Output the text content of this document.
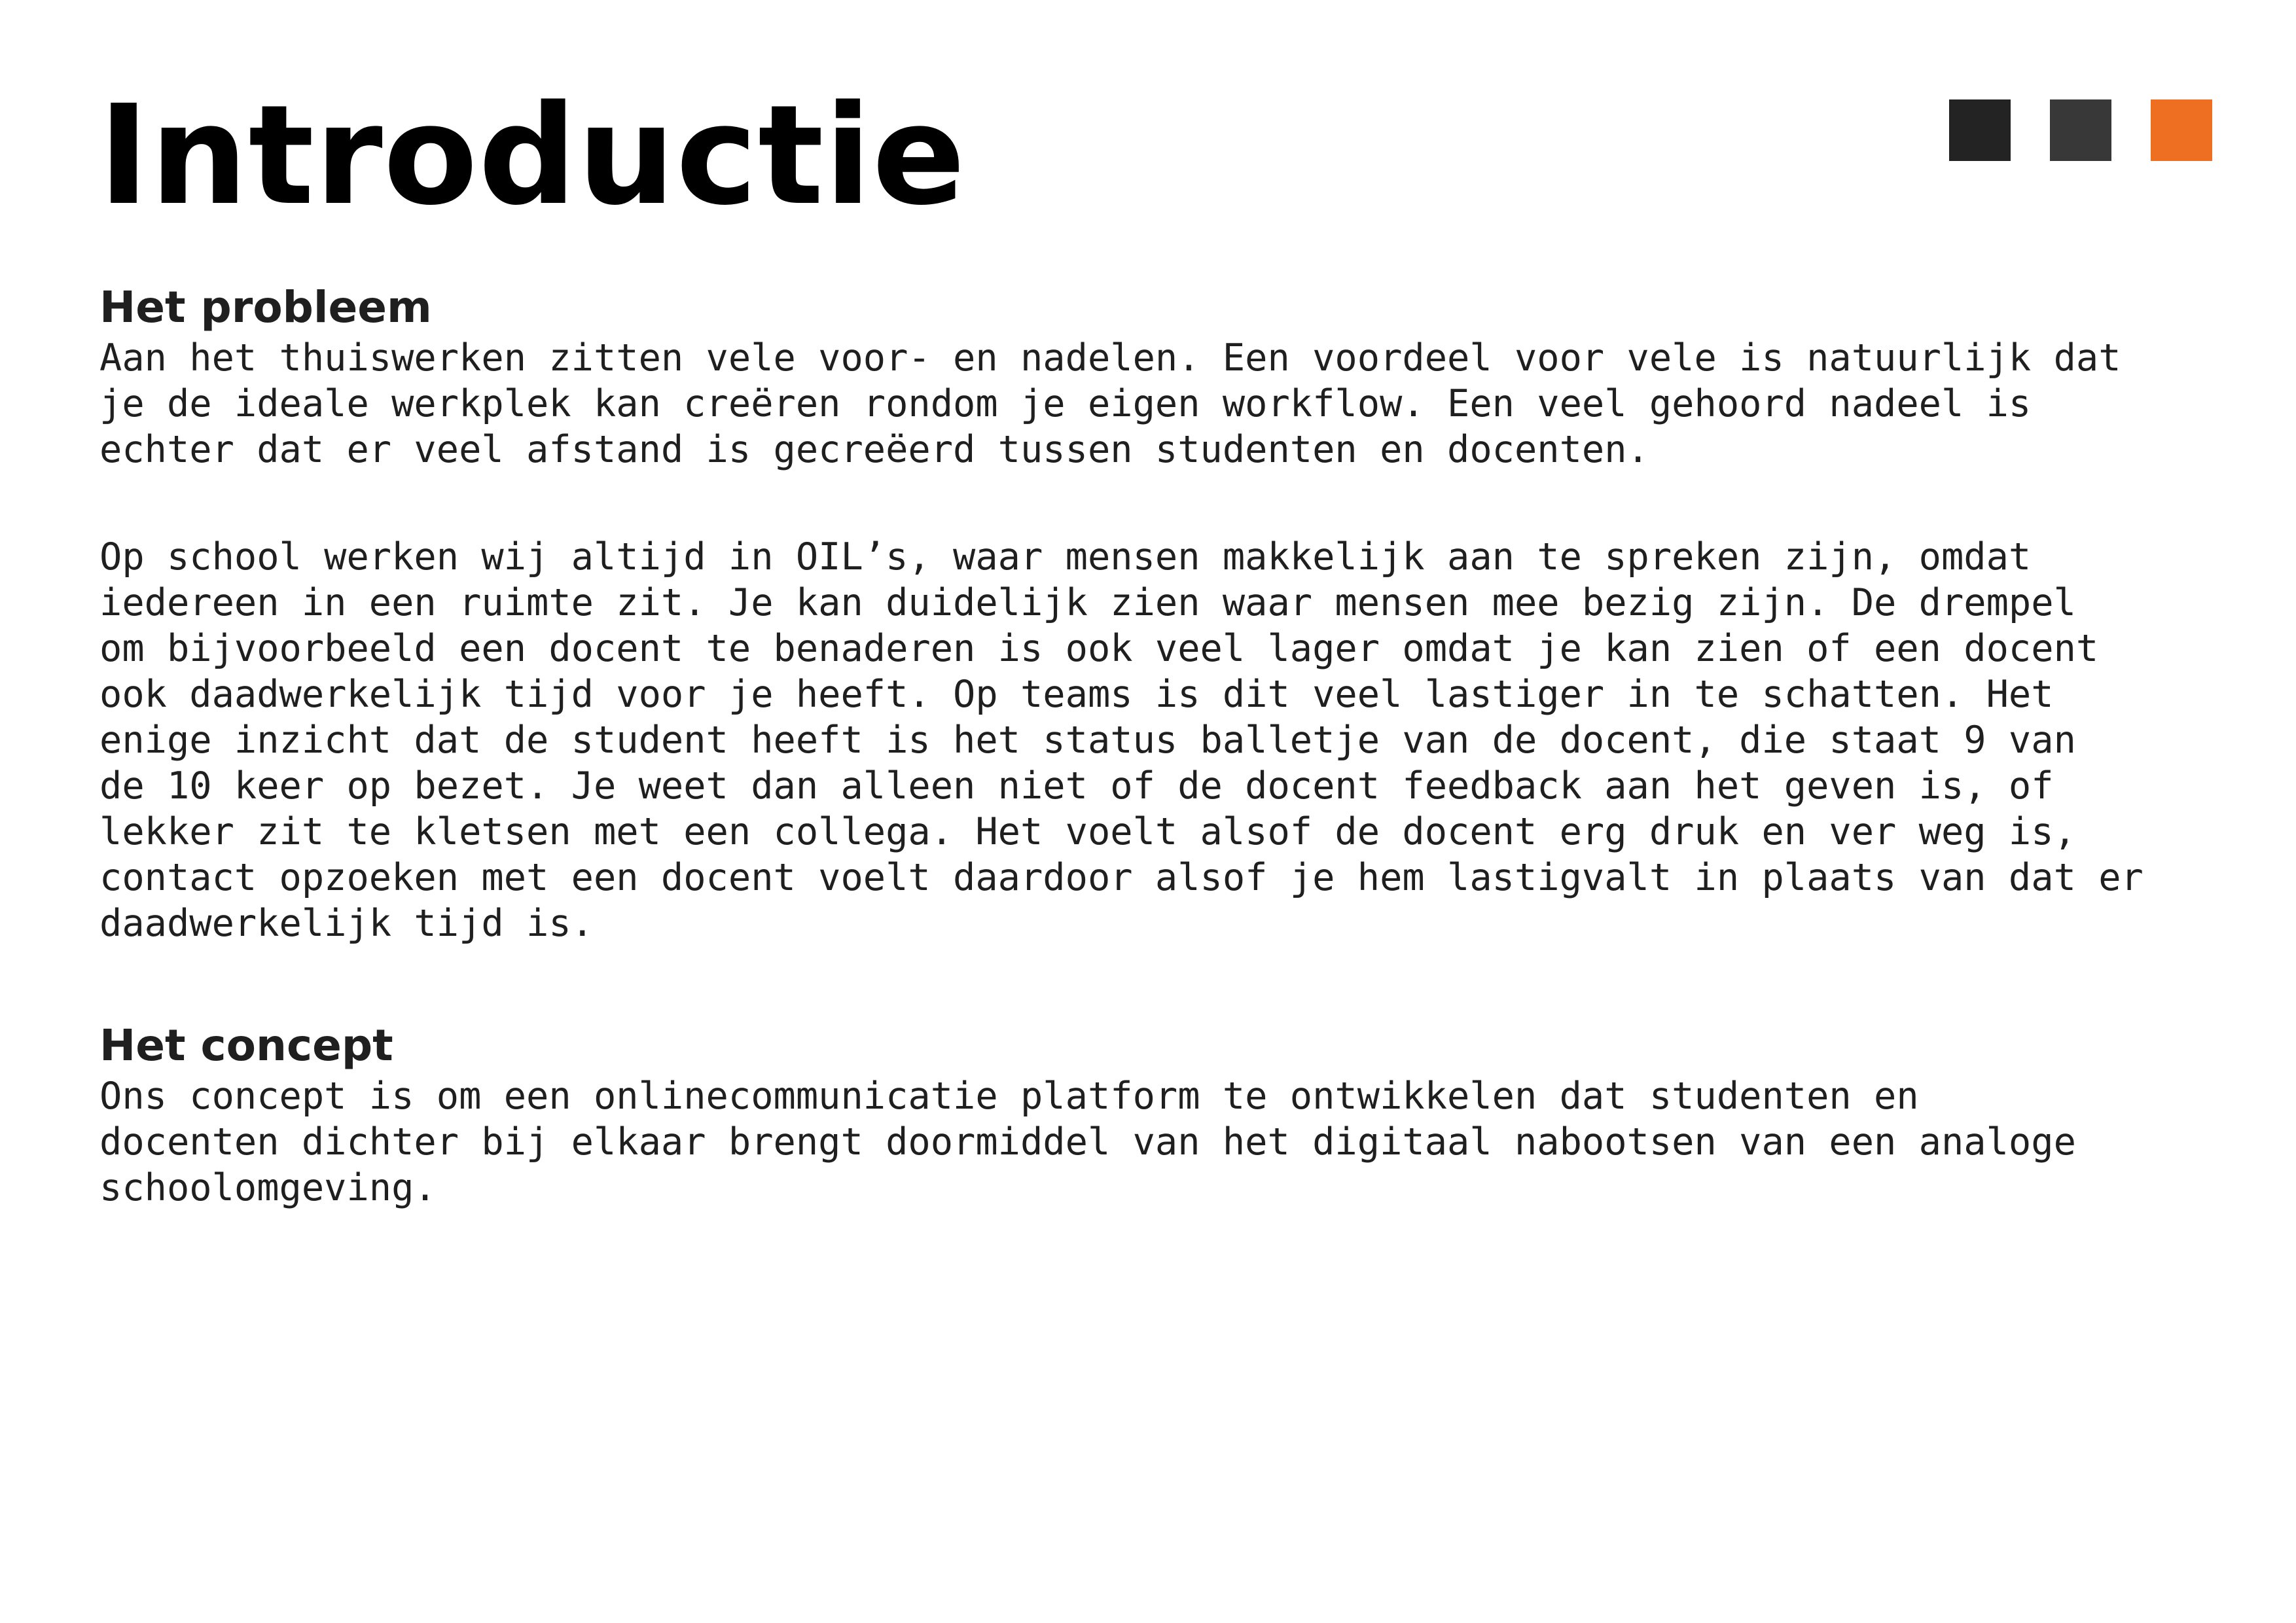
Introductie
Het probleem

Aan het thuiswerken zitten vele voor- en nadelen. Een voordeel voor vele is natuurlijk dat
je de ideale werkplek kan creëren rondom je eigen workflow. Een veel gehoord nadeel is
echter dat er veel afstand is gecreëerd tussen studenten en docenten.

Op school werken wij altijd in OIL’s, waar mensen makkelijk aan te spreken zijn, omdat
iedereen in een ruimte zit. Je kan duidelijk zien waar mensen mee bezig zijn. De drempel
om bijvoorbeeld een docent te benaderen is ook veel lager omdat je kan zien of een docent
ook daadwerkelijk tijd voor je heeft. Op teams is dit veel lastiger in te schatten. Het
enige inzicht dat de student heeft is het status balletje van de docent, die staat 9 van
de 10 keer op bezet. Je weet dan alleen niet of de docent feedback aan het geven is, of
lekker zit te kletsen met een collega. Het voelt alsof de docent erg druk en ver weg is,
contact opzoeken met een docent voelt daardoor alsof je hem lastigvalt in plaats van dat er
daadwerkelijk tijd is.

Het concept

Ons concept is om een onlinecommunicatie platform te ontwikkelen dat studenten en
docenten dichter bij elkaar brengt doormiddel van het digitaal nabootsen van een analoge
schoolomgeving.
